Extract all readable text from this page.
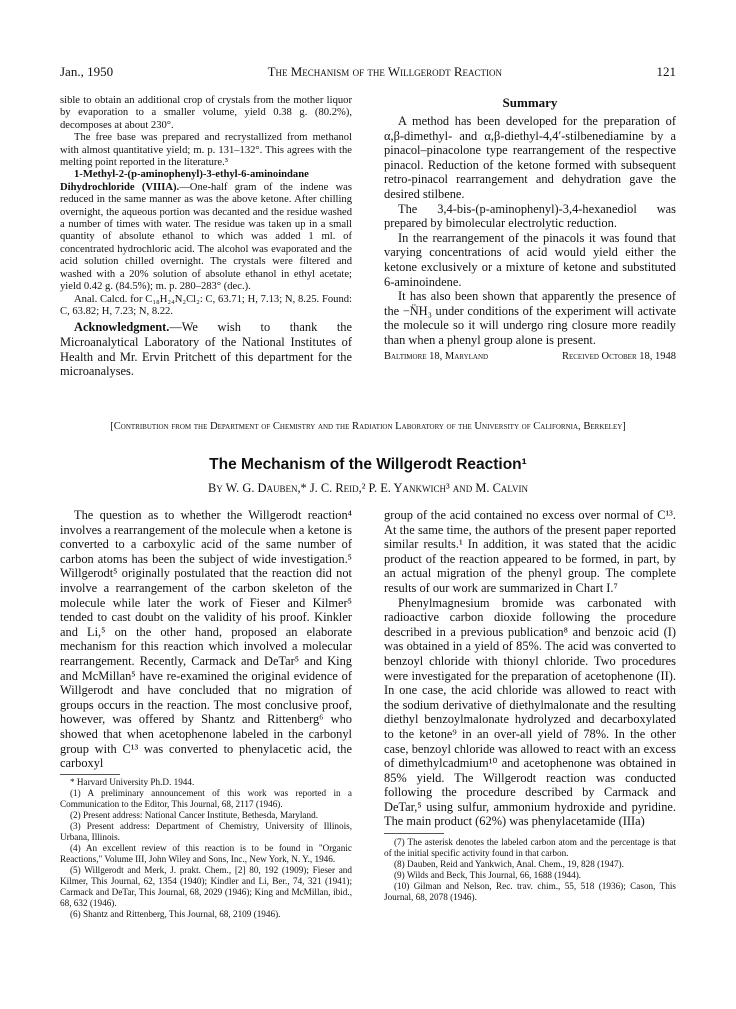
Jan., 1950	The Mechanism of the Willgerodt Reaction	121

sible to obtain an additional crop of crystals from the mother liquor by evaporation to a smaller volume, yield 0.38 g. (80.2%), decomposes at about 230°.

The free base was prepared and recrystallized from methanol with almost quantitative yield; m. p. 131–132°. This agrees with the melting point reported in the literature.³

1-Methyl-2-(p-aminophenyl)-3-ethyl-6-aminoindane Dihydrochloride (VIIIA).—One-half gram of the indene was reduced in the same manner as was the above ketone. After chilling overnight, the aqueous portion was decanted and the residue washed a number of times with water. The residue was taken up in a small quantity of absolute ethanol to which was added 1 ml. of concentrated hydrochloric acid. The alcohol was evaporated and the acid solution chilled overnight. The crystals were filtered and washed with a 20% solution of absolute ethanol in ethyl acetate; yield 0.42 g. (84.5%); m. p. 280–283° (dec.).

Anal. Calcd. for C₁₈H₂₄N₂Cl₂: C, 63.71; H, 7.13; N, 8.25. Found: C, 63.82; H, 7.23; N, 8.22.

Acknowledgment.—We wish to thank the Microanalytical Laboratory of the National Institutes of Health and Mr. Ervin Pritchett of this department for the microanalyses.

Summary

A method has been developed for the preparation of α,β-dimethyl- and α,β-diethyl-4,4′-stilbenediamine by a pinacol–pinacolone type rearrangement of the respective pinacol. Reduction of the ketone formed with subsequent retro-pinacol rearrangement and dehydration gave the desired stilbene.

The 3,4-bis-(p-aminophenyl)-3,4-hexanediol was prepared by bimolecular electrolytic reduction.

In the rearrangement of the pinacols it was found that varying concentrations of acid would yield either the ketone exclusively or a mixture of ketone and substituted 6-aminoindene.

It has also been shown that apparently the presence of the −N̈H₃ under conditions of the experiment will activate the molecule so it will undergo ring closure more readily than when a phenyl group alone is present.

Baltimore 18, Maryland	Received October 18, 1948
[Contribution from the Department of Chemistry and the Radiation Laboratory of the University of California, Berkeley]
The Mechanism of the Willgerodt Reaction¹
By W. G. Dauben,* J. C. Reid,² P. E. Yankwich³ and M. Calvin

The question as to whether the Willgerodt reaction⁴ involves a rearrangement of the molecule when a ketone is converted to a carboxylic acid of the same number of carbon atoms has been the subject of wide investigation.⁵ Willgerodt⁵ originally postulated that the reaction did not involve a rearrangement of the carbon skeleton of the molecule while later the work of Fieser and Kilmer⁵ tended to cast doubt on the validity of his proof. Kinkler and Li,⁵ on the other hand, proposed an elaborate mechanism for this reaction which involved a molecular rearrangement. Recently, Carmack and DeTar⁵ and King and McMillan⁵ have re-examined the original evidence of Willgerodt and have concluded that no migration of groups occurs in the reaction. The most conclusive proof, however, was offered by Shantz and Rittenberg⁶ who showed that when acetophenone labeled in the carbonyl group with C¹³ was converted to phenylacetic acid, the carboxyl

* Harvard University Ph.D. 1944.

(1) A preliminary announcement of this work was reported in a Communication to the Editor, This Journal, 68, 2117 (1946).

(2) Present address: National Cancer Institute, Bethesda, Maryland.

(3) Present address: Department of Chemistry, University of Illinois, Urbana, Illinois.

(4) An excellent review of this reaction is to be found in "Organic Reactions," Volume III, John Wiley and Sons, Inc., New York, N. Y., 1946.

(5) Willgerodt and Merk, J. prakt. Chem., [2] 80, 192 (1909); Fieser and Kilmer, This Journal, 62, 1354 (1940); Kindler and Li, Ber., 74, 321 (1941); Carmack and DeTar, This Journal, 68, 2029 (1946); King and McMillan, ibid., 68, 632 (1946).

(6) Shantz and Rittenberg, This Journal, 68, 2109 (1946).

group of the acid contained no excess over normal of C¹³. At the same time, the authors of the present paper reported similar results.¹ In addition, it was stated that the acidic product of the reaction appeared to be formed, in part, by an actual migration of the phenyl group. The complete results of our work are summarized in Chart I.⁷

Phenylmagnesium bromide was carbonated with radioactive carbon dioxide following the procedure described in a previous publication⁸ and benzoic acid (I) was obtained in a yield of 85%. The acid was converted to benzoyl chloride with thionyl chloride. Two procedures were investigated for the preparation of acetophenone (II). In one case, the acid chloride was allowed to react with the sodium derivative of diethylmalonate and the resulting diethyl benzoylmalonate hydrolyzed and decarboxylated to the ketone⁹ in an over-all yield of 78%. In the other case, benzoyl chloride was allowed to react with an excess of dimethylcadmium¹⁰ and acetophenone was obtained in 85% yield. The Willgerodt reaction was conducted following the procedure described by Carmack and DeTar,⁵ using sulfur, ammonium hydroxide and pyridine. The main product (62%) was phenylacetamide (IIIa)

(7) The asterisk denotes the labeled carbon atom and the percentage is that of the initial specific activity found in that carbon.

(8) Dauben, Reid and Yankwich, Anal. Chem., 19, 828 (1947).

(9) Wilds and Beck, This Journal, 66, 1688 (1944).

(10) Gilman and Nelson, Rec. trav. chim., 55, 518 (1936); Cason, This Journal, 68, 2078 (1946).
